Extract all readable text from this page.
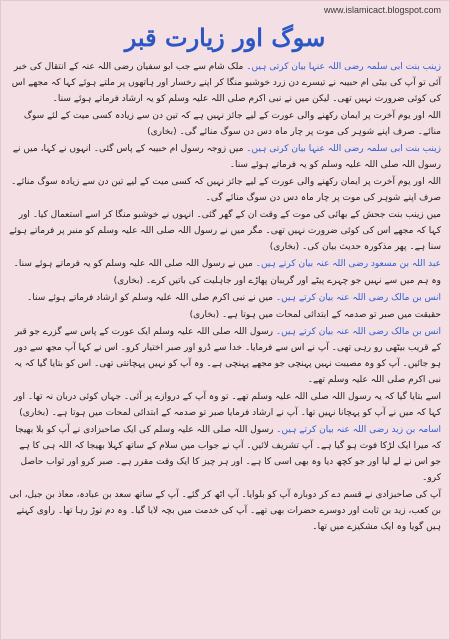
www.islamicact.blogspot.com
سوگ اور زیارت قبر

زینب بنت ابی سلمہ رضی اللہ عنہا بیان کرتی ہیں۔ ملک شام سے جب ابو سفیان رضی اللہ عنہ کے انتقال کی خبر آئی تو آپ کی بیٹی ام حبیبہ نے تیسرے دن زرد خوشبو منگا کر اپنے رخسار اور ہاتھوں پر ملتے ہوئے کہا کہ مجھے اس کی کوئی ضرورت نہیں تھی۔ لیکن میں نے نبی اکرم صلی اللہ علیہ وسلم کو یہ ارشاد فرماتے ہوئے سنا۔

اللہ اور یوم آخرت پر ایمان رکھنے والی عورت کے لیے جائز نہیں ہے کہ تین دن سے زیادہ کسی میت کے لئے سوگ منائے۔ صرف اپنے شوہر کی موت پر چار ماہ دس دن سوگ منائے گی۔ (بخاری)

زینب بنت ابی سلمہ رضی اللہ عنہا بیان کرتی ہیں۔ میں زوجہ رسول ام حبیبہ کے پاس گئی۔ انہوں نے کہا، میں نے رسول اللہ صلی اللہ علیہ وسلم کو یہ فرماتے ہوئے سنا۔

اللہ اور یوم آخرت پر ایمان رکھنے والی عورت کے لیے جائز نہیں کہ کسی میت کے لیے تین دن سے زیادہ سوگ منائے۔ صرف اپنے شوہر کی موت پر چار ماہ دس دن سوگ منائے گی۔

میں زینب بنت جحش کے بھائی کی موت کے وقت ان کے گھر گئی۔ انہوں نے خوشبو منگا کر اسے استعمال کیا۔ اور کہا کہ مجھے اس کی کوئی ضرورت نہیں تھی۔ مگر میں نے رسول اللہ صلی اللہ علیہ وسلم کو منبر پر فرماتے ہوئے سنا ہے۔ پھر مذکورہ حدیث بیان کی۔ (بخاری)

عبد اللہ بن مسعود رضی اللہ عنہ بیان کرتے ہیں۔ میں نے رسول اللہ صلی اللہ علیہ وسلم کو یہ فرماتے ہوئے سنا۔

وہ ہم میں سے نہیں جو چہرے پیٹے اور گریبان پھاڑے اور جاہلیت کی باتیں کرے۔ (بخاری)

انس بن مالک رضی اللہ عنہ بیان کرتے ہیں۔ میں نے نبی اکرم صلی اللہ علیہ وسلم کو ارشاد فرماتے ہوئے سنا۔

حقیقت میں صبر تو صدمہ کے ابتدائی لمحات میں ہوتا ہے۔ (بخاری)

انس بن مالک رضی اللہ عنہ بیان کرتے ہیں۔ رسول اللہ صلی اللہ علیہ وسلم ایک عورت کے پاس سے گزرے جو قبر کے قریب بیٹھی رو رہی تھی۔ آپ نے اس سے فرمایا۔ خدا سے ڈرو اور صبر اختیار کرو۔ اس نے کہا آپ مجھ سے دور ہو جائیں۔ آپ کو وہ مصیبت نہیں پہنچی جو مجھے پہنچی ہے۔ وہ آپ کو نہیں پہچانتی تھی۔ اس کو بتایا گیا کہ یہ نبی اکرم صلی اللہ علیہ وسلم تھے۔

اسے بتایا گیا کہ یہ رسول اللہ صلی اللہ علیہ وسلم تھے۔ تو وہ آپ کے دروازے پر آئی۔ جہاں کوئی دربان نہ تھا۔ اور کہا کہ میں نے آپ کو پہچانا نہیں تھا۔ آپ نے ارشاد فرمایا صبر تو صدمہ کے ابتدائی لمحات میں ہوتا ہے۔ (بخاری)

اسامہ بن زید رضی اللہ عنہ بیان کرتے ہیں۔ رسول اللہ صلی اللہ علیہ وسلم کی ایک صاحبزادی نے آپ کو بلا بھیجا کہ میرا ایک لڑکا فوت ہو گیا ہے۔ آپ تشریف لائیں۔ آپ نے جواب میں سلام کے ساتھ کہلا بھیجا کہ اللہ ہی کا ہے جو اس نے لے لیا اور جو کچھ دیا وہ بھی اسی کا ہے۔ اور ہر چیز کا ایک وقت مقرر ہے۔ صبر کرو اور ثواب حاصل کرو۔

آپ کی صاحبزادی نے قسم دے کر دوبارہ آپ کو بلوایا۔ آپ اٹھ کر گئے۔ آپ کے ساتھ سعد بن عبادہ، معاذ بن جبل، ابی بن کعب، زید بن ثابت اور دوسرے حضرات بھی تھے۔ آپ کی خدمت میں بچہ لایا گیا۔ وہ دم توڑ رہا تھا۔ راوی کہتے ہیں گویا وہ ایک مشکیزے میں تھا۔
